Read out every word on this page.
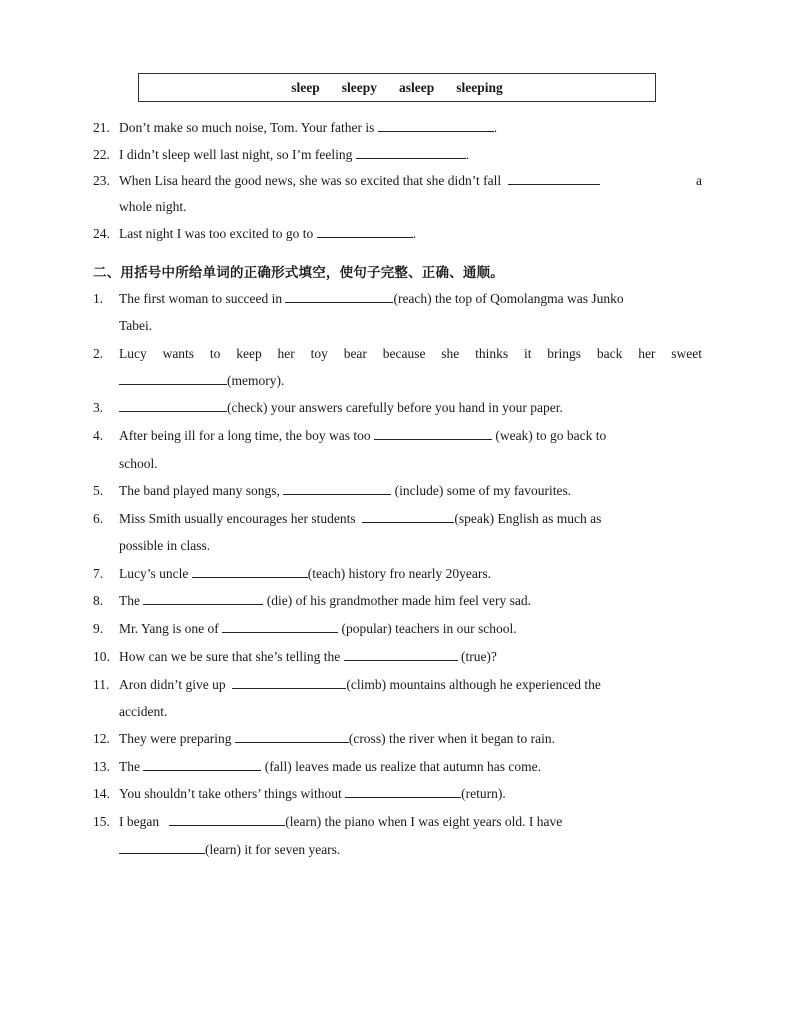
sleep sleepy asleep sleeping
21. Don’t make so much noise, Tom. Your father is	.
22. I didn’t sleep well last night, so I’m feeling	.
23. When Lisa heard the good news, she was so excited that she didn’t fall	a
whole night.
24. Last night I was too excited to go to	.
二、用括号中所给单词的正确形式填空，使句子完整、正确、通顺。
1. The first woman to succeed in	(reach) the top of Qomolangma was Junko
Tabei.
2. Lucy wants to keep her toy bear because she thinks it brings back her sweet
(memory).
3.	(check) your answers carefully before you hand in your paper.
4. After being ill for a long time, the boy was too	(weak) to go back to
school.
5. The band played many songs,	(include) some of my favourites.
6. Miss Smith usually encourages her students	(speak) English as much as
possible in class.
7. Lucy’s uncle	(teach) history fro nearly 20years.
8. The	(die) of his grandmother made him feel very sad.
9. Mr. Yang is one of	(popular) teachers in our school.
10. How can we be sure that she’s telling the	(true)?
11. Aron didn’t give up	(climb) mountains although he experienced the
accident.
12. They were preparing	(cross) the river when it began to rain.
13. The	(fall) leaves made us realize that autumn has come.
14. You shouldn’t take others’ things without	(return).
15. I began	(learn) the piano when I was eight years old. I have
(learn) it for seven years.
